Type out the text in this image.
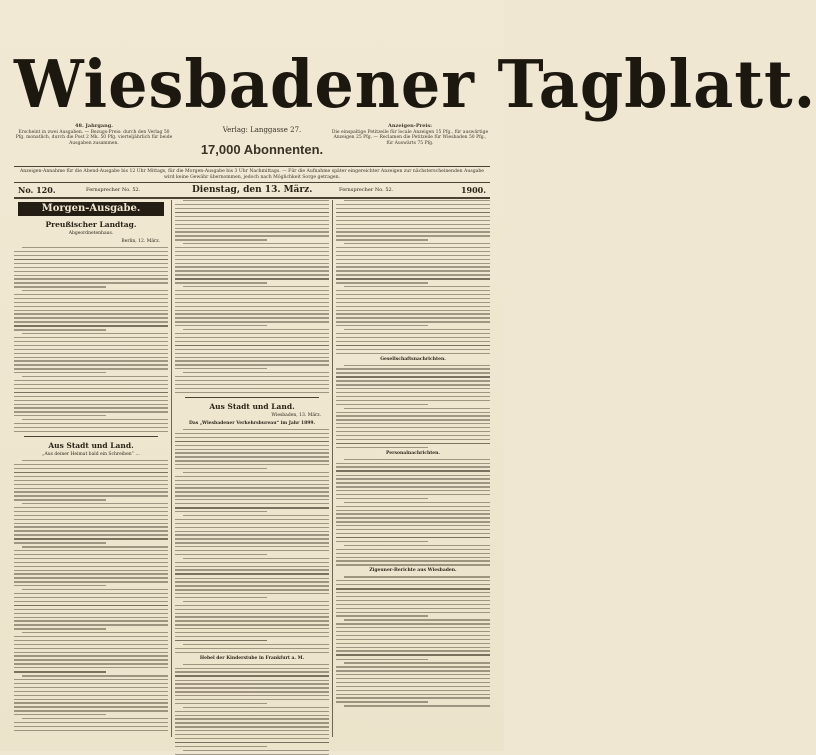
Wiesbadener Tagblatt.
48. Jahrgang.
Erscheint in zwei Ausgaben. — Bezugs-Preis: durch den Verlag 50 Pfg. monatlich, durch die Post 2 Mk. 50 Pfg. vierteljährlich für beide Ausgaben zusammen.
Verlag: Langgasse 27.
17,000 Abonnenten.
Anzeigen-Preis:
Die einspaltige Petitzeile für locale Anzeigen 15 Pfg., für auswärtige Anzeigen 25 Pfg. — Reclamen die Petitzeile für Wiesbaden 50 Pfg., für Auswärts 75 Pfg.
Anzeigen-Annahme für die Abend-Ausgabe bis 12 Uhr Mittags, für die Morgen-Ausgabe bis 3 Uhr Nachmittags. — Für die Aufnahme später eingereichter Anzeigen zur nächsterscheinenden Ausgabe wird keine Gewähr übernommen, jedoch nach Möglichkeit Sorge getragen.
No. 120.	Fernsprecher No. 52.	Dienstag, den 13. März.	Fernsprecher No. 52.	1900.
Morgen-Ausgabe.
Preußischer Landtag.
Abgeordnetenhaus.
Berlin, 12. März.
Aus Stadt und Land.
„Aus deiner Heimat bald ein Schreiben“ …
Aus Stadt und Land.
Wiesbaden, 13. März.
Das „Wiesbadener Verkehrsbureau“ im Jahr 1899.
Hebel der Kinderstube in Frankfurt a. M.
Gesellschaftsnachrichten.
Personalnachrichten.
Zigeuner-Berichte aus Wiesbaden.
